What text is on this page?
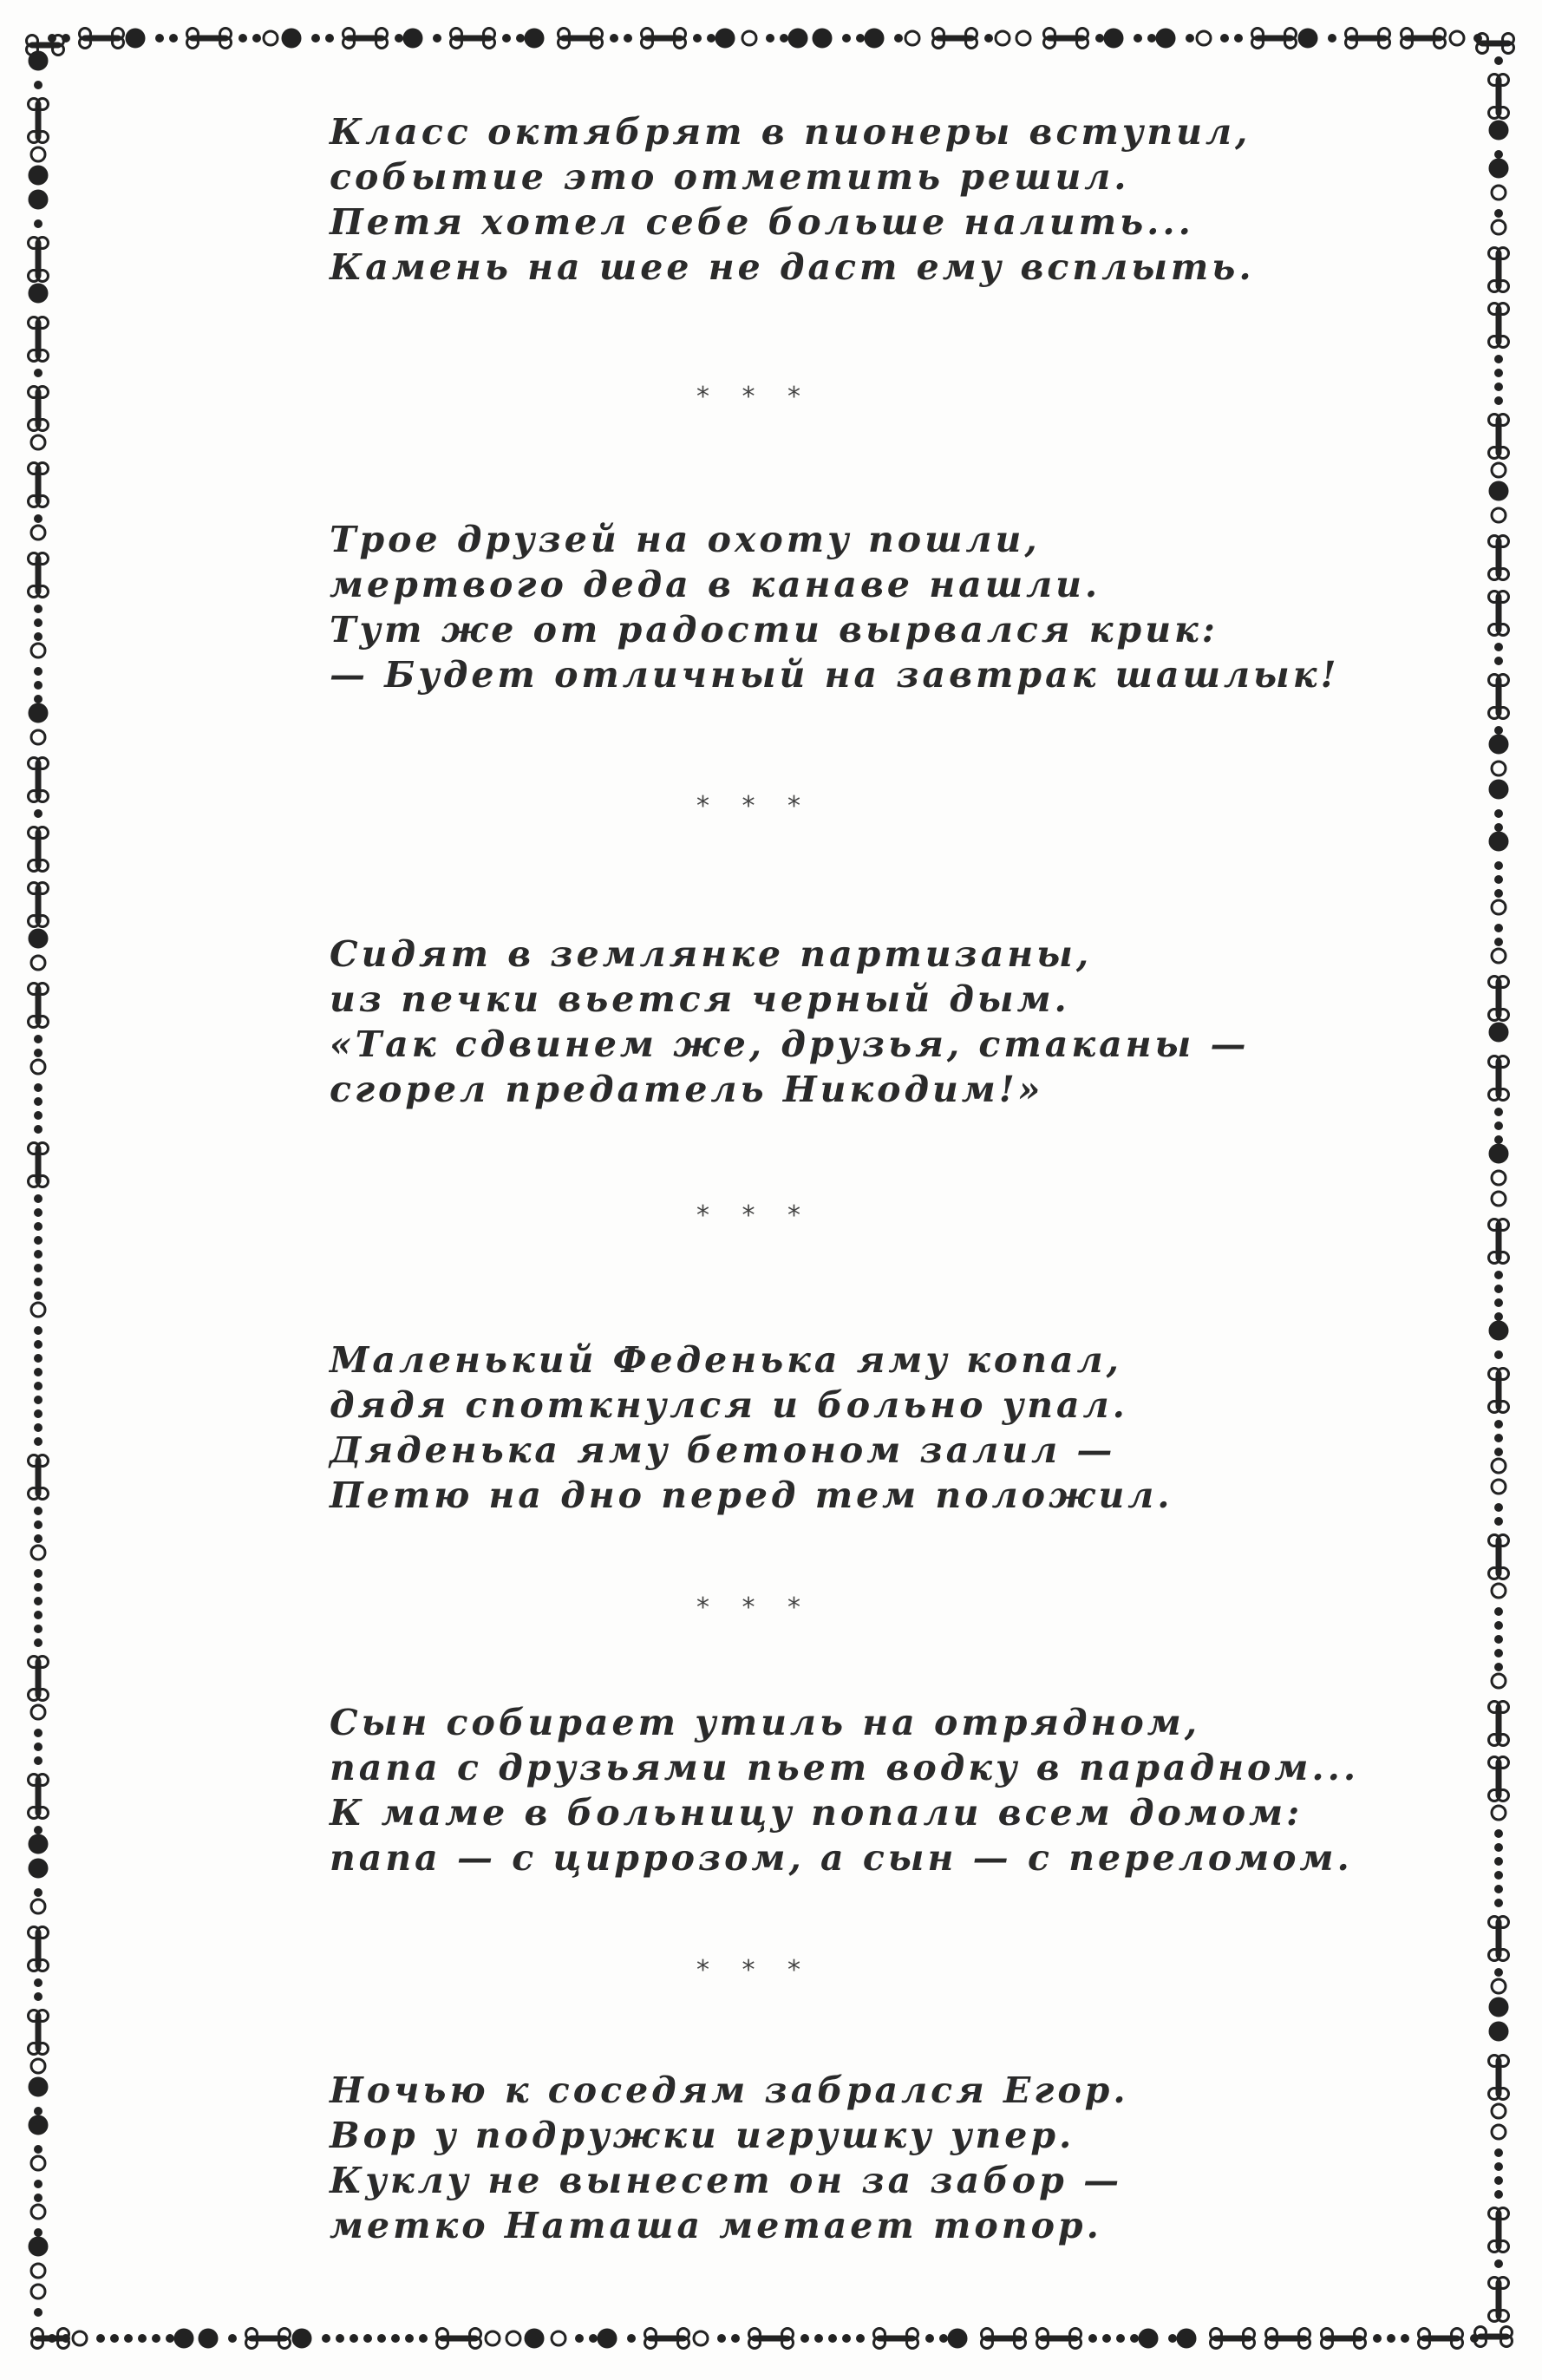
Класс октябрят в пионеры вступил,
событие это отметить решил.
Петя хотел себе больше налить...
Камень на шее не даст ему всплыть.
* * *
Трое друзей на охоту пошли,
мертвого деда в канаве нашли.
Тут же от радости вырвался крик:
— Будет отличный на завтрак шашлык!
* * *
Сидят в землянке партизаны,
из печки вьется черный дым.
«Так сдвинем же, друзья, стаканы —
сгорел предатель Никодим!»
* * *
Маленький Феденька яму копал,
дядя споткнулся и больно упал.
Дяденька яму бетоном залил —
Петю на дно перед тем положил.
* * *
Сын собирает утиль на отрядном,
папа с друзьями пьет водку в парадном...
К маме в больницу попали всем домом:
папа — с циррозом, а сын — с переломом.
* * *
Ночью к соседям забрался Егор.
Вор у подружки игрушку упер.
Куклу не вынесет он за забор —
метко Наташа метает топор.
